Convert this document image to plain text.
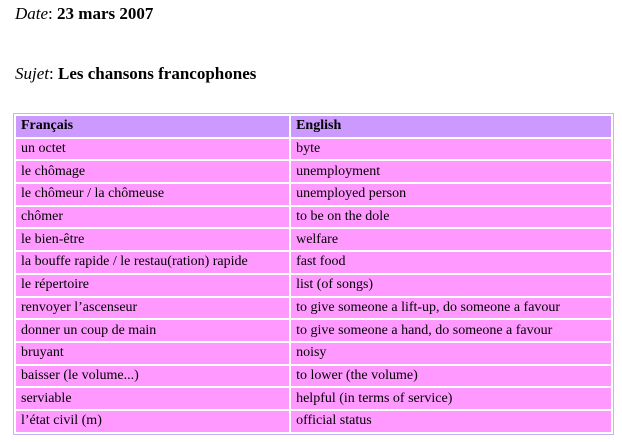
Date: 23 mars 2007
Sujet: Les chansons francophones
Français	English
un octet	byte
le chômage	unemployment
le chômeur / la chômeuse	unemployed person
chômer	to be on the dole
le bien-être	welfare
la bouffe rapide / le restau(ration) rapide	fast food
le répertoire	list (of songs)
renvoyer l’ascenseur	to give someone a lift-up, do someone a favour
donner un coup de main	to give someone a hand, do someone a favour
bruyant	noisy
baisser (le volume...)	to lower (the volume)
serviable	helpful (in terms of service)
l’état civil (m)	official status
